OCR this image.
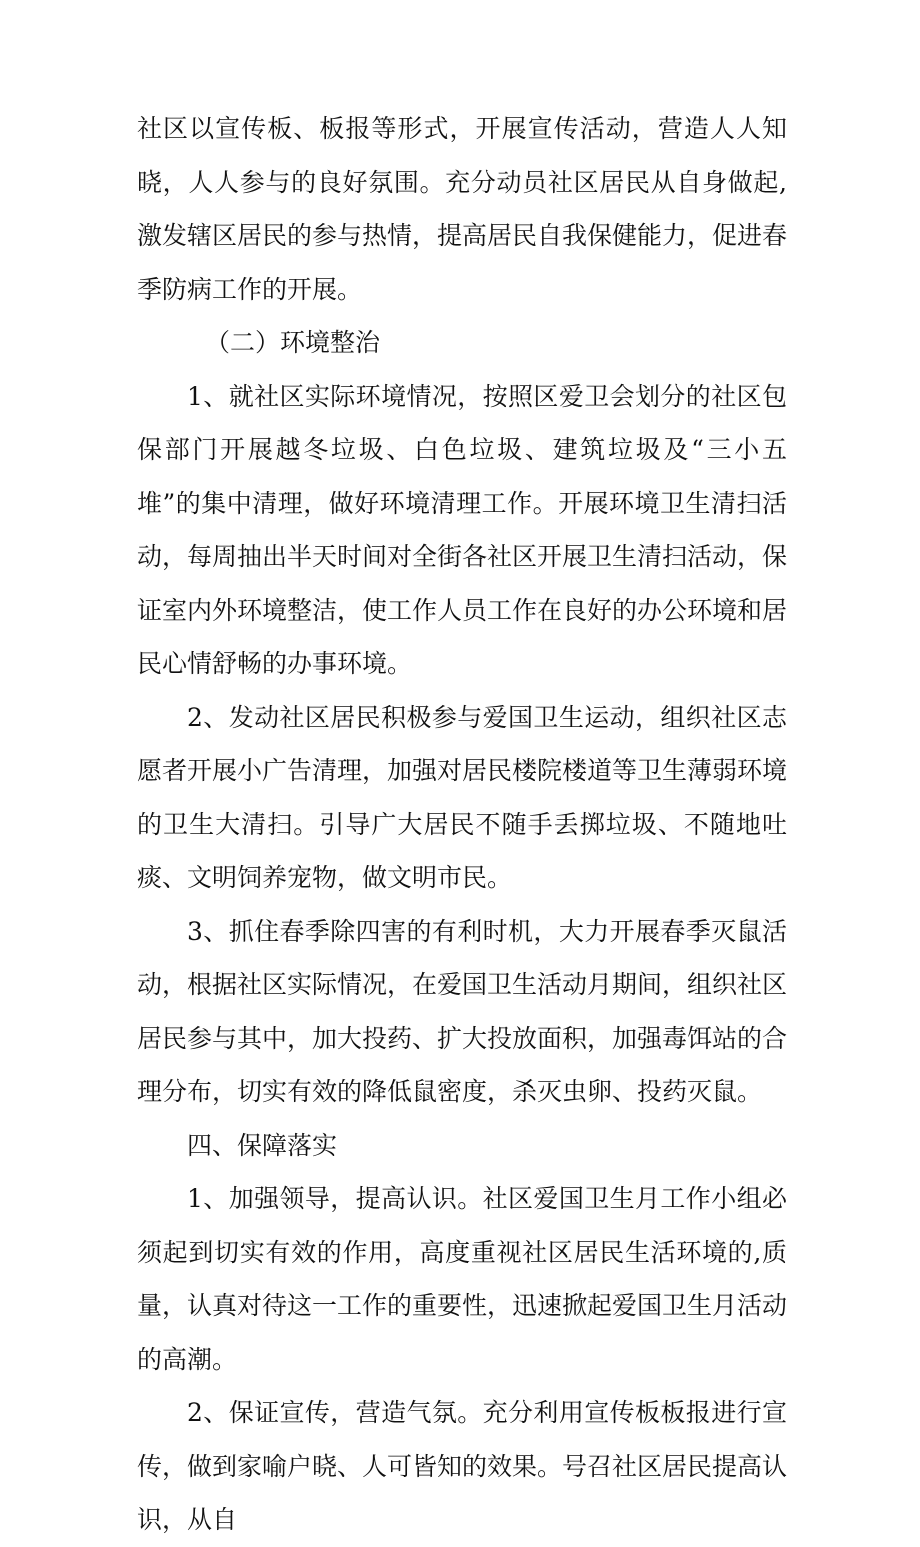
社区以宣传板、板报等形式，开展宣传活动，营造人人知晓，人人参与的良好氛围。充分动员社区居民从自身做起,激发辖区居民的参与热情，提高居民自我保健能力，促进春季防病工作的开展。

（二）环境整治

1、就社区实际环境情况，按照区爱卫会划分的社区包保部门开展越冬垃圾、白色垃圾、建筑垃圾及“三小五堆”的集中清理，做好环境清理工作。开展环境卫生清扫活动，每周抽出半天时间对全街各社区开展卫生清扫活动，保证室内外环境整洁，使工作人员工作在良好的办公环境和居民心情舒畅的办事环境。

2、发动社区居民积极参与爱国卫生运动，组织社区志愿者开展小广告清理，加强对居民楼院楼道等卫生薄弱环境的卫生大清扫。引导广大居民不随手丢掷垃圾、不随地吐痰、文明饲养宠物，做文明市民。

3、抓住春季除四害的有利时机，大力开展春季灭鼠活动，根据社区实际情况，在爱国卫生活动月期间，组织社区居民参与其中，加大投药、扩大投放面积，加强毒饵站的合理分布，切实有效的降低鼠密度，杀灭虫卵、投药灭鼠。

四、保障落实

1、加强领导，提高认识。社区爱国卫生月工作小组必须起到切实有效的作用，高度重视社区居民生活环境的,质量，认真对待这一工作的重要性，迅速掀起爱国卫生月活动的高潮。

2、保证宣传，营造气氛。充分利用宣传板板报进行宣传，做到家喻户晓、人可皆知的效果。号召社区居民提高认识，从自
